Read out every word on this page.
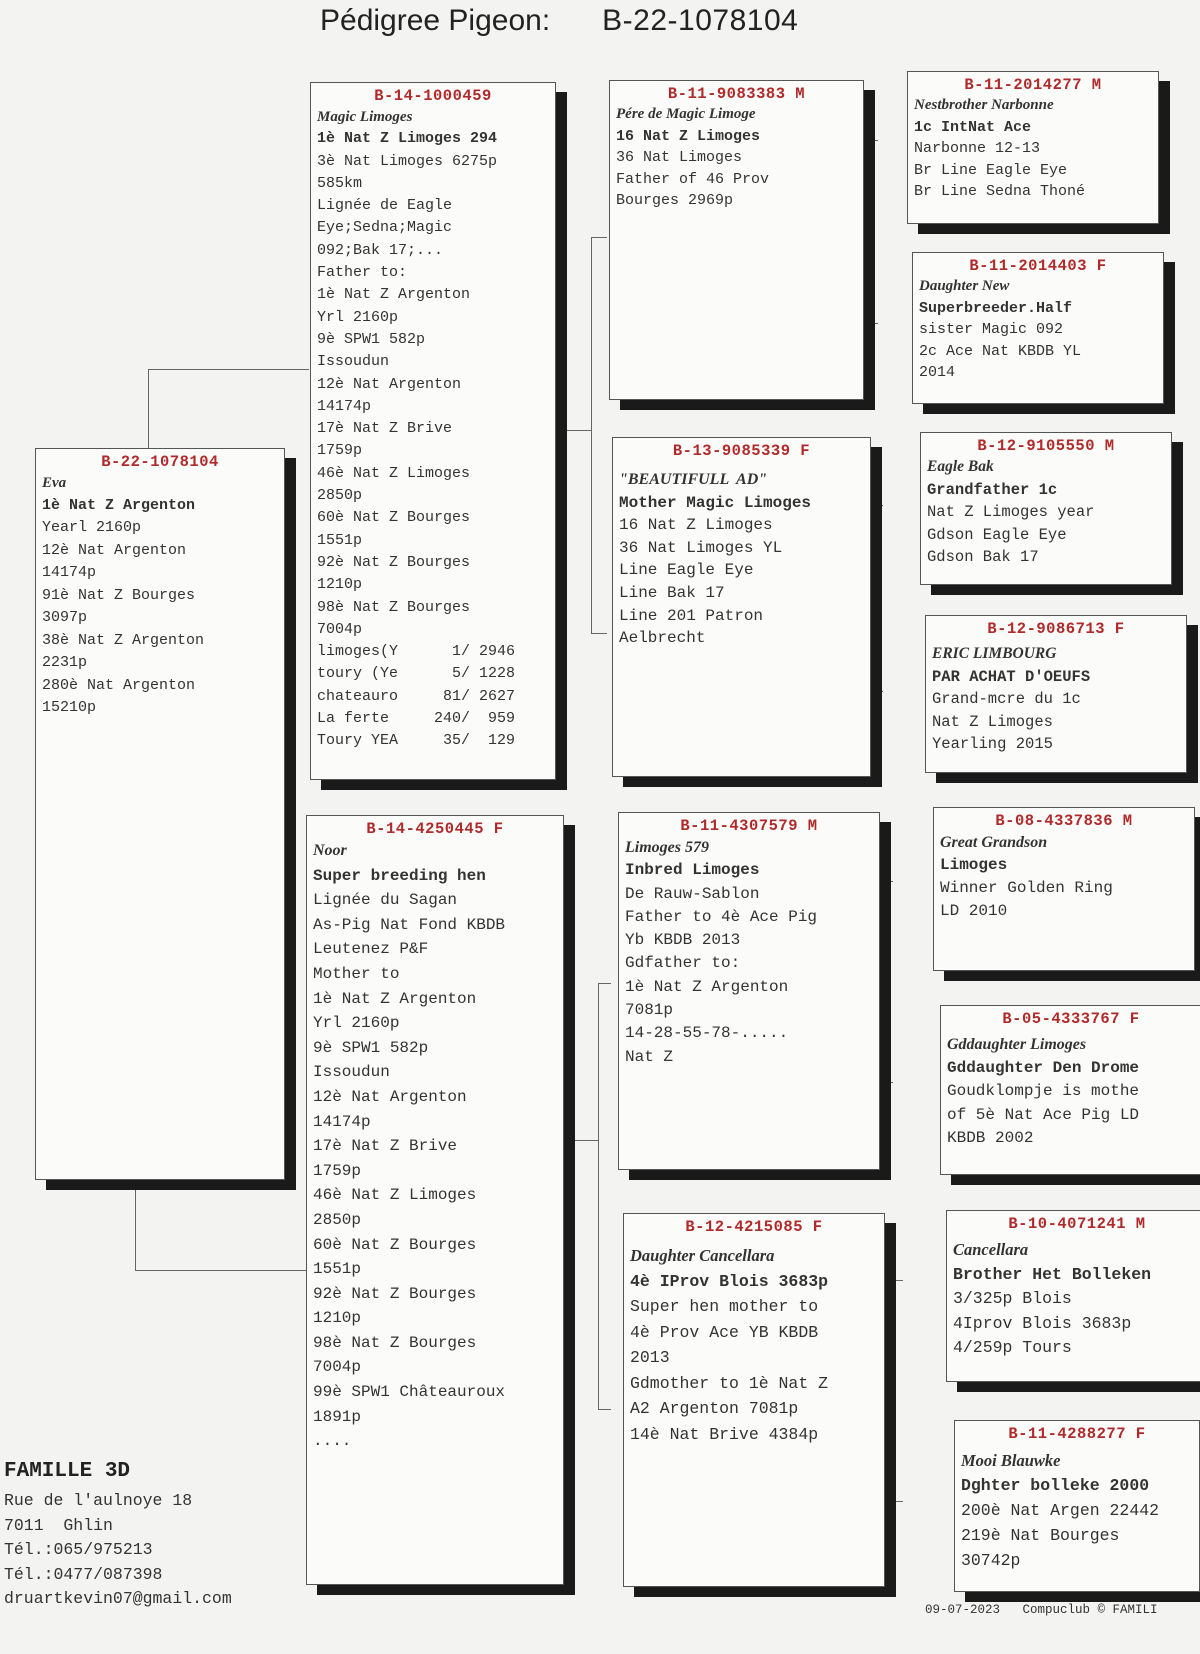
Pédigree Pigeon: B-22-1078104
B-22-1078104
Eva
1è Nat Z Argenton
Yearl 2160p
12è Nat Argenton
14174p
91è Nat Z Bourges
3097p
38è Nat Z Argenton
2231p
280è Nat Argenton
15210p
B-14-1000459
Magic Limoges
1è Nat Z Limoges 294
3è Nat Limoges 6275p
585km
Lignée de Eagle
Eye;Sedna;Magic
092;Bak 17;...
Father to:
1è Nat Z Argenton
Yrl 2160p
9è SPW1 582p
Issoudun
12è Nat Argenton
14174p
17è Nat Z Brive
1759p
46è Nat Z Limoges
2850p
60è Nat Z Bourges
1551p
92è Nat Z Bourges
1210p
98è Nat Z Bourges
7004p
limoges(Y      1/ 2946
toury (Ye      5/ 1228
chateauro     81/ 2627
La ferte     240/  959
Toury YEA     35/  129
B-14-4250445 F
Noor
Super breeding hen
Lignée du Sagan
As-Pig Nat Fond KBDB
Leutenez P&F
Mother to
1è Nat Z Argenton
Yrl 2160p
9è SPW1 582p
Issoudun
12è Nat Argenton
14174p
17è Nat Z Brive
1759p
46è Nat Z Limoges
2850p
60è Nat Z Bourges
1551p
92è Nat Z Bourges
1210p
98è Nat Z Bourges
7004p
99è SPW1 Châteauroux
1891p
....
B-11-9083383 M
Pére de Magic Limoge
16 Nat Z Limoges
36 Nat Limoges
Father of 46 Prov
Bourges 2969p
B-13-9085339 F
"BEAUTIFULL  AD"
Mother Magic Limoges
16 Nat Z Limoges
36 Nat Limoges YL
Line Eagle Eye
Line Bak 17
Line 201 Patron
Aelbrecht
B-11-4307579 M
Limoges 579
Inbred Limoges
De Rauw-Sablon
Father to 4è Ace Pig
Yb KBDB 2013
Gdfather to:
1è Nat Z Argenton
7081p
14-28-55-78-.....
Nat Z
B-12-4215085 F
Daughter Cancellara
4è IProv Blois 3683p
Super hen mother to
4è Prov Ace YB KBDB
2013
Gdmother to 1è Nat Z
A2 Argenton 7081p
14è Nat Brive 4384p
B-11-2014277 M
Nestbrother Narbonne
1c IntNat Ace
Narbonne 12-13
Br Line Eagle Eye
Br Line Sedna Thoné
B-11-2014403 F
Daughter New
Superbreeder.Half
sister Magic 092
2c Ace Nat KBDB YL
2014
B-12-9105550 M
Eagle Bak
Grandfather 1c
Nat Z Limoges year
Gdson Eagle Eye
Gdson Bak 17
B-12-9086713 F
ERIC LIMBOURG
PAR ACHAT D'OEUFS
Grand-mcre du 1c
Nat Z Limoges
Yearling 2015
B-08-4337836 M
Great Grandson
Limoges
Winner Golden Ring
LD 2010
B-05-4333767 F
Gddaughter Limoges
Gddaughter Den Drome
Goudklompje is mothe
of 5è Nat Ace Pig LD
KBDB 2002
B-10-4071241 M
Cancellara
Brother Het Bolleken
3/325p Blois
4Iprov Blois 3683p
4/259p Tours
B-11-4288277 F
Mooi Blauwke
Dghter bolleke 2000
200è Nat Argen 22442
219è Nat Bourges
30742p
FAMILLE 3D
Rue de l'aulnoye 18
7011  Ghlin
Tél.:065/975213
Tél.:0477/087398
druartkevin07@gmail.com
09-07-2023 Compuclub © FAMILI
